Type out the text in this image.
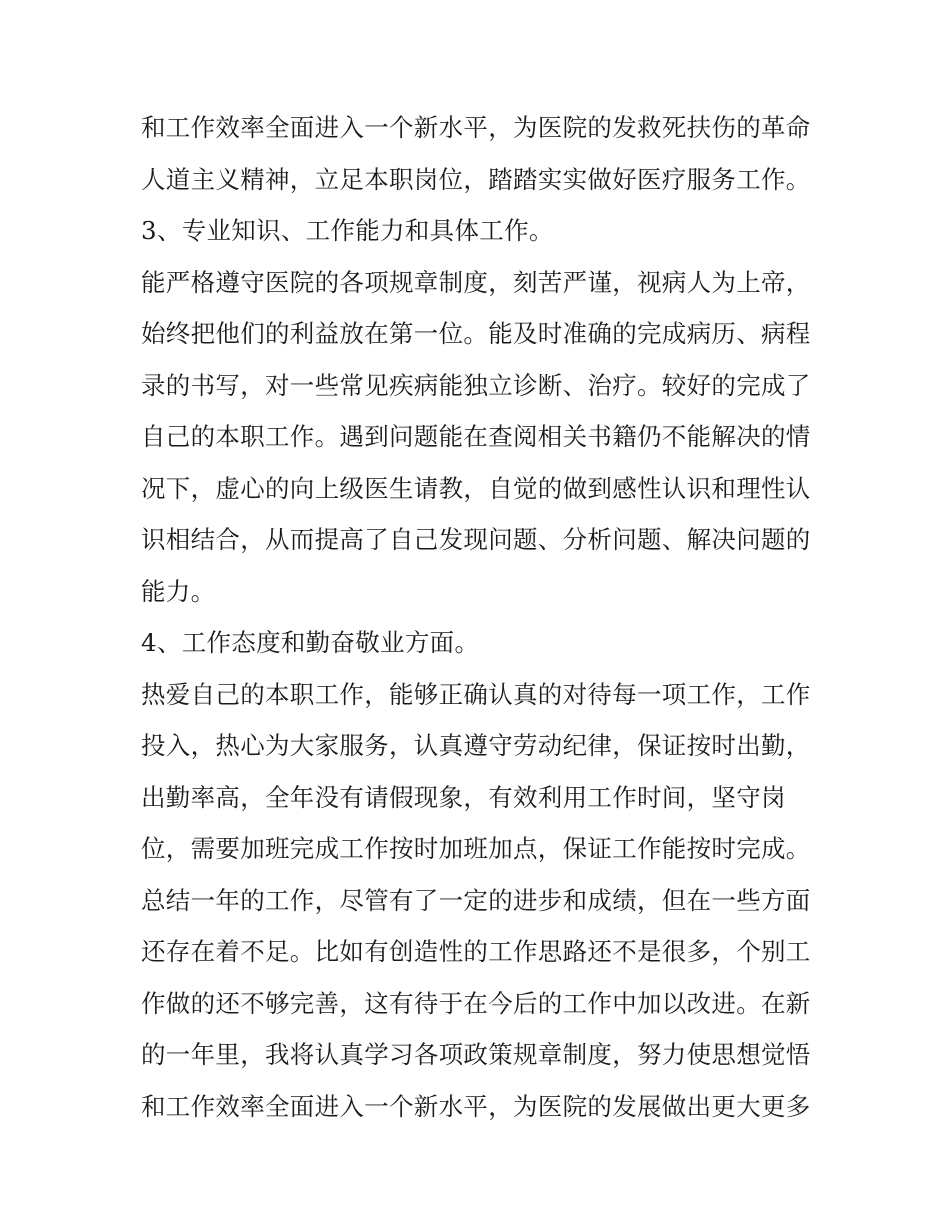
和工作效率全面进入一个新水平，为医院的发救死扶伤的革命
人道主义精神，立足本职岗位，踏踏实实做好医疗服务工作。
3、专业知识、工作能力和具体工作。
能严格遵守医院的各项规章制度，刻苦严谨，视病人为上帝，
始终把他们的利益放在第一位。能及时准确的完成病历、病程
录的书写，对一些常见疾病能独立诊断、治疗。较好的完成了
自己的本职工作。遇到问题能在查阅相关书籍仍不能解决的情
况下，虚心的向上级医生请教，自觉的做到感性认识和理性认
识相结合，从而提高了自己发现问题、分析问题、解决问题的
能力。
4、工作态度和勤奋敬业方面。
热爱自己的本职工作，能够正确认真的对待每一项工作，工作
投入，热心为大家服务，认真遵守劳动纪律，保证按时出勤，
出勤率高，全年没有请假现象，有效利用工作时间，坚守岗
位，需要加班完成工作按时加班加点，保证工作能按时完成。
总结一年的工作，尽管有了一定的进步和成绩，但在一些方面
还存在着不足。比如有创造性的工作思路还不是很多，个别工
作做的还不够完善，这有待于在今后的工作中加以改进。在新
的一年里，我将认真学习各项政策规章制度，努力使思想觉悟
和工作效率全面进入一个新水平，为医院的发展做出更大更多
